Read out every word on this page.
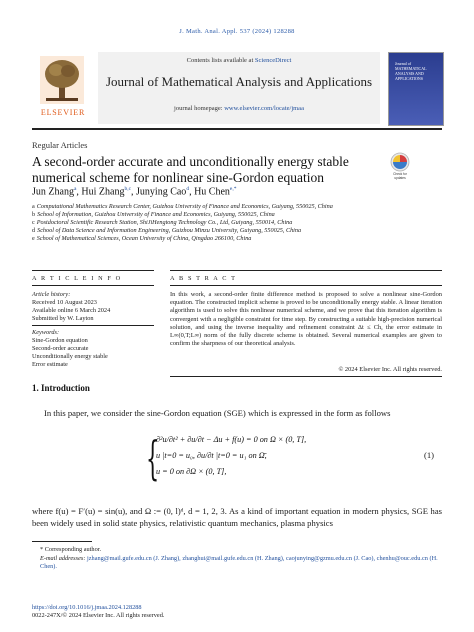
J. Math. Anal. Appl. 537 (2024) 128288
ELSEVIER
Contents lists available at ScienceDirect
Journal of Mathematical Analysis and Applications
journal homepage: www.elsevier.com/locate/jmaa
Journal of MATHEMATICAL ANALYSIS AND APPLICATIONS
Regular Articles
A second-order accurate and unconditionally energy stable numerical scheme for nonlinear sine-Gordon equation	Check for updates
Jun Zhang$^a$, Hui Zhang$^{b,c}$, Junying Cao$^d$, Hu Chen$^{e,*}$
a Computational Mathematics Research Center, Guizhou University of Finance and Economics, Guiyang, 550025, China
b School of Information, Guizhou University of Finance and Economics, Guiyang, 550025, China
c Postdoctoral Scientific Research Station, ShiJiHengtong Technology Co., Ltd, Guiyang, 550014, China
d School of Data Science and Information Engineering, Guizhou Minzu University, Guiyang, 550025, China
e School of Mathematical Sciences, Ocean University of China, Qingdao 266100, China
A R T I C L E I N F O	A B S T R A C T
Article history:
Received 10 August 2023
Available online 6 March 2024
Submitted by W. Layton
Keywords:
Sine-Gordon equation
Second-order accurate
Unconditionally energy stable
Error estimate
In this work, a second-order finite difference method is proposed to solve a nonlinear sine-Gordon equation. The constructed implicit scheme is proved to be unconditionally energy stable. A linear iteration algorithm is used to solve this nonlinear numerical scheme, and we prove that this iteration algorithm is convergent with a negligible constraint for time step. By constructing a suitable high-precision numerical solution, and using the inverse inequality and refinement constraint Δt ≤ Ch, the error estimate in L∞(0,T;L∞) norm of the fully discrete scheme is obtained. Several numerical examples are given to confirm the sharpness of our theoretical analysis.
© 2024 Elsevier Inc. All rights reserved.
1. Introduction
In this paper, we consider the sine-Gordon equation (SGE) which is expressed in the form as follows
{
∂²u/∂t² + ∂u/∂t − Δu + f(u) = 0 on Ω × (0, T],
u |t=0 = u₀, ∂u/∂t |t=0 = u₁ on Ω̄,
u = 0 on ∂Ω × (0, T],
(1)
where f(u) = F′(u) = sin(u), and Ω := (0, l)ᵈ, d = 1, 2, 3. As a kind of important equation in modern physics, SGE has been widely used in solid state physics, relativistic quantum mechanics, plasma physics
* Corresponding author.
E-mail addresses: jzhang@mail.gufe.edu.cn (J. Zhang), zhanghui@mail.gufe.edu.cn (H. Zhang), caojunying@gzmu.edu.cn (J. Cao), chenhu@ouc.edu.cn (H. Chen).
https://doi.org/10.1016/j.jmaa.2024.128288
0022-247X/© 2024 Elsevier Inc. All rights reserved.
